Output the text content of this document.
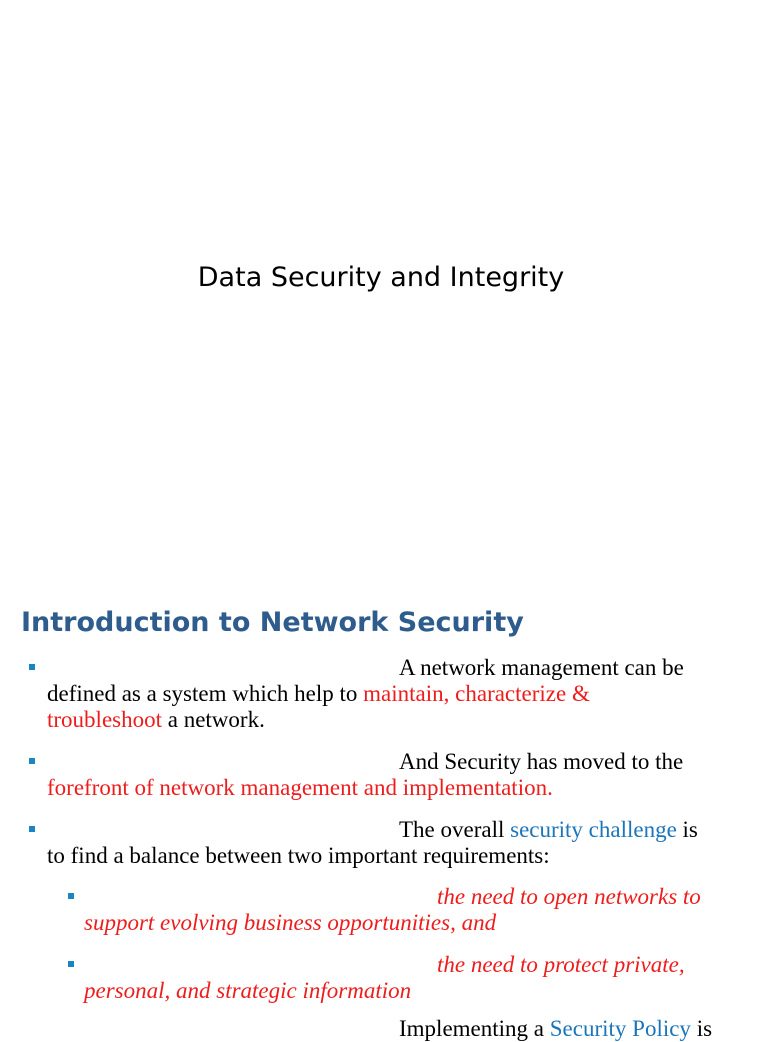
Data Security and Integrity
Introduction to Network Security
A network management can be
defined as a system which help to maintain, characterize &
troubleshoot a network.
And Security has moved to the
forefront of network management and implementation.
The overall security challenge is
to find a balance between two important requirements:
the need to open networks to
support evolving business opportunities, and
the need to protect private,
personal, and strategic information
Implementing a Security Policy is
